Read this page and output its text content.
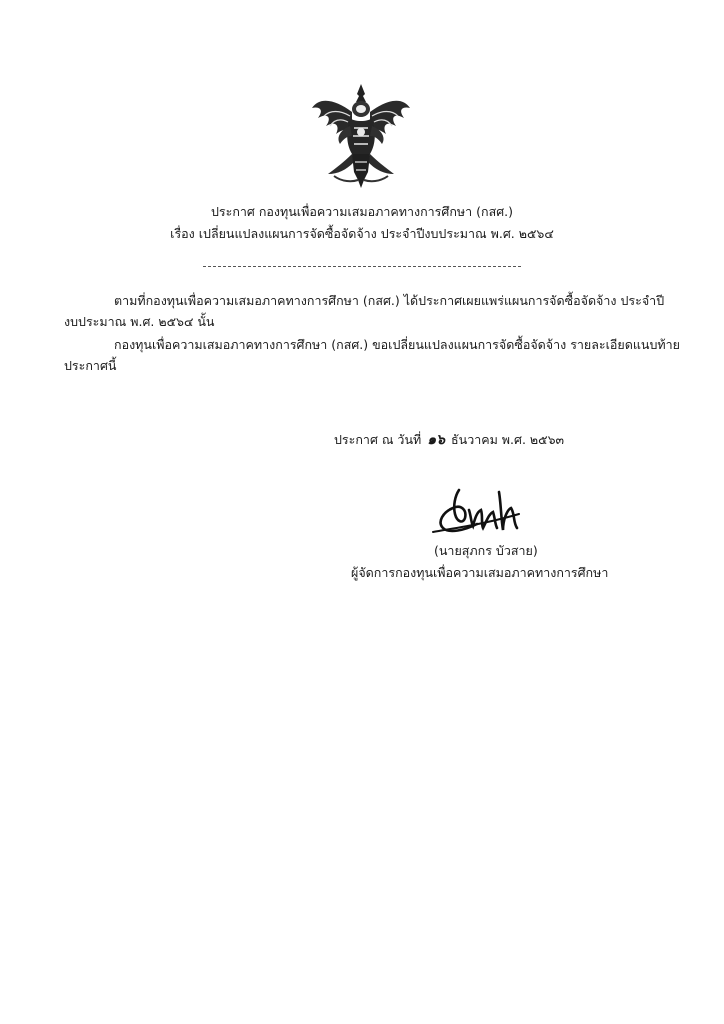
ประกาศ กองทุนเพื่อความเสมอภาคทางการศึกษา (กสศ.)
เรื่อง เปลี่ยนแปลงแผนการจัดซื้อจัดจ้าง ประจำปีงบประมาณ พ.ศ. ๒๕๖๔
ตามที่กองทุนเพื่อความเสมอภาคทางการศึกษา (กสศ.) ได้ประกาศเผยแพร่แผนการจัดซื้อจัดจ้าง ประจำปี
งบประมาณ พ.ศ. ๒๕๖๔ นั้น
กองทุนเพื่อความเสมอภาคทางการศึกษา (กสศ.) ขอเปลี่ยนแปลงแผนการจัดซื้อจัดจ้าง รายละเอียดแนบท้าย
ประกาศนี้
ประกาศ ณ วันที่ ๑๖ ธันวาคม พ.ศ. ๒๕๖๓
(นายสุภกร บัวสาย)
ผู้จัดการกองทุนเพื่อความเสมอภาคทางการศึกษา
